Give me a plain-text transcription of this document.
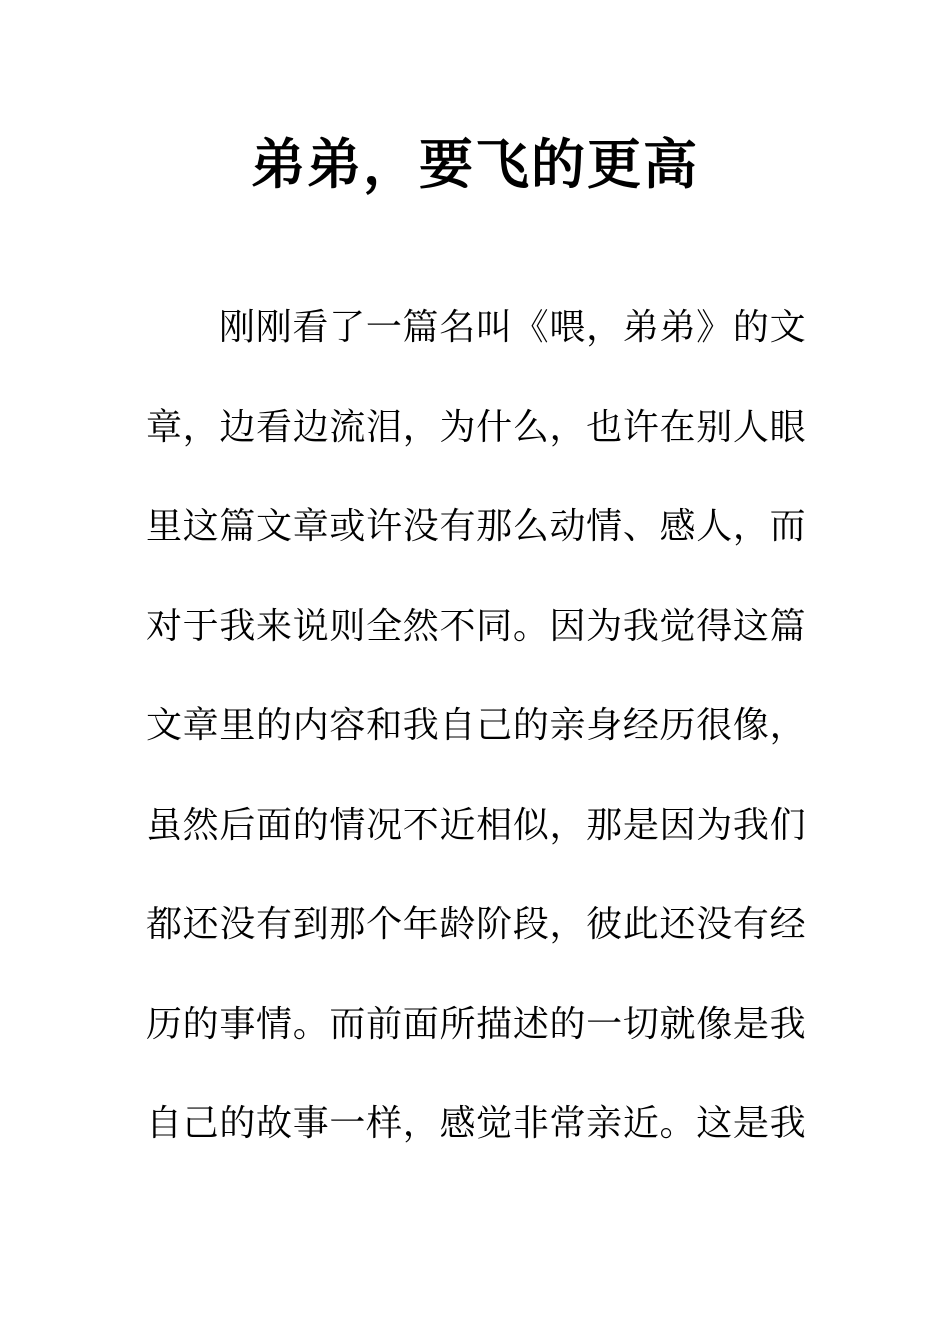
弟弟，要飞的更高
刚刚看了一篇名叫《喂，弟弟》的文
章，边看边流泪，为什么，也许在别人眼
里这篇文章或许没有那么动情、感人，而
对于我来说则全然不同。因为我觉得这篇
文章里的内容和我自己的亲身经历很像，
虽然后面的情况不近相似，那是因为我们
都还没有到那个年龄阶段，彼此还没有经
历的事情。而前面所描述的一切就像是我
自己的故事一样，感觉非常亲近。这是我
